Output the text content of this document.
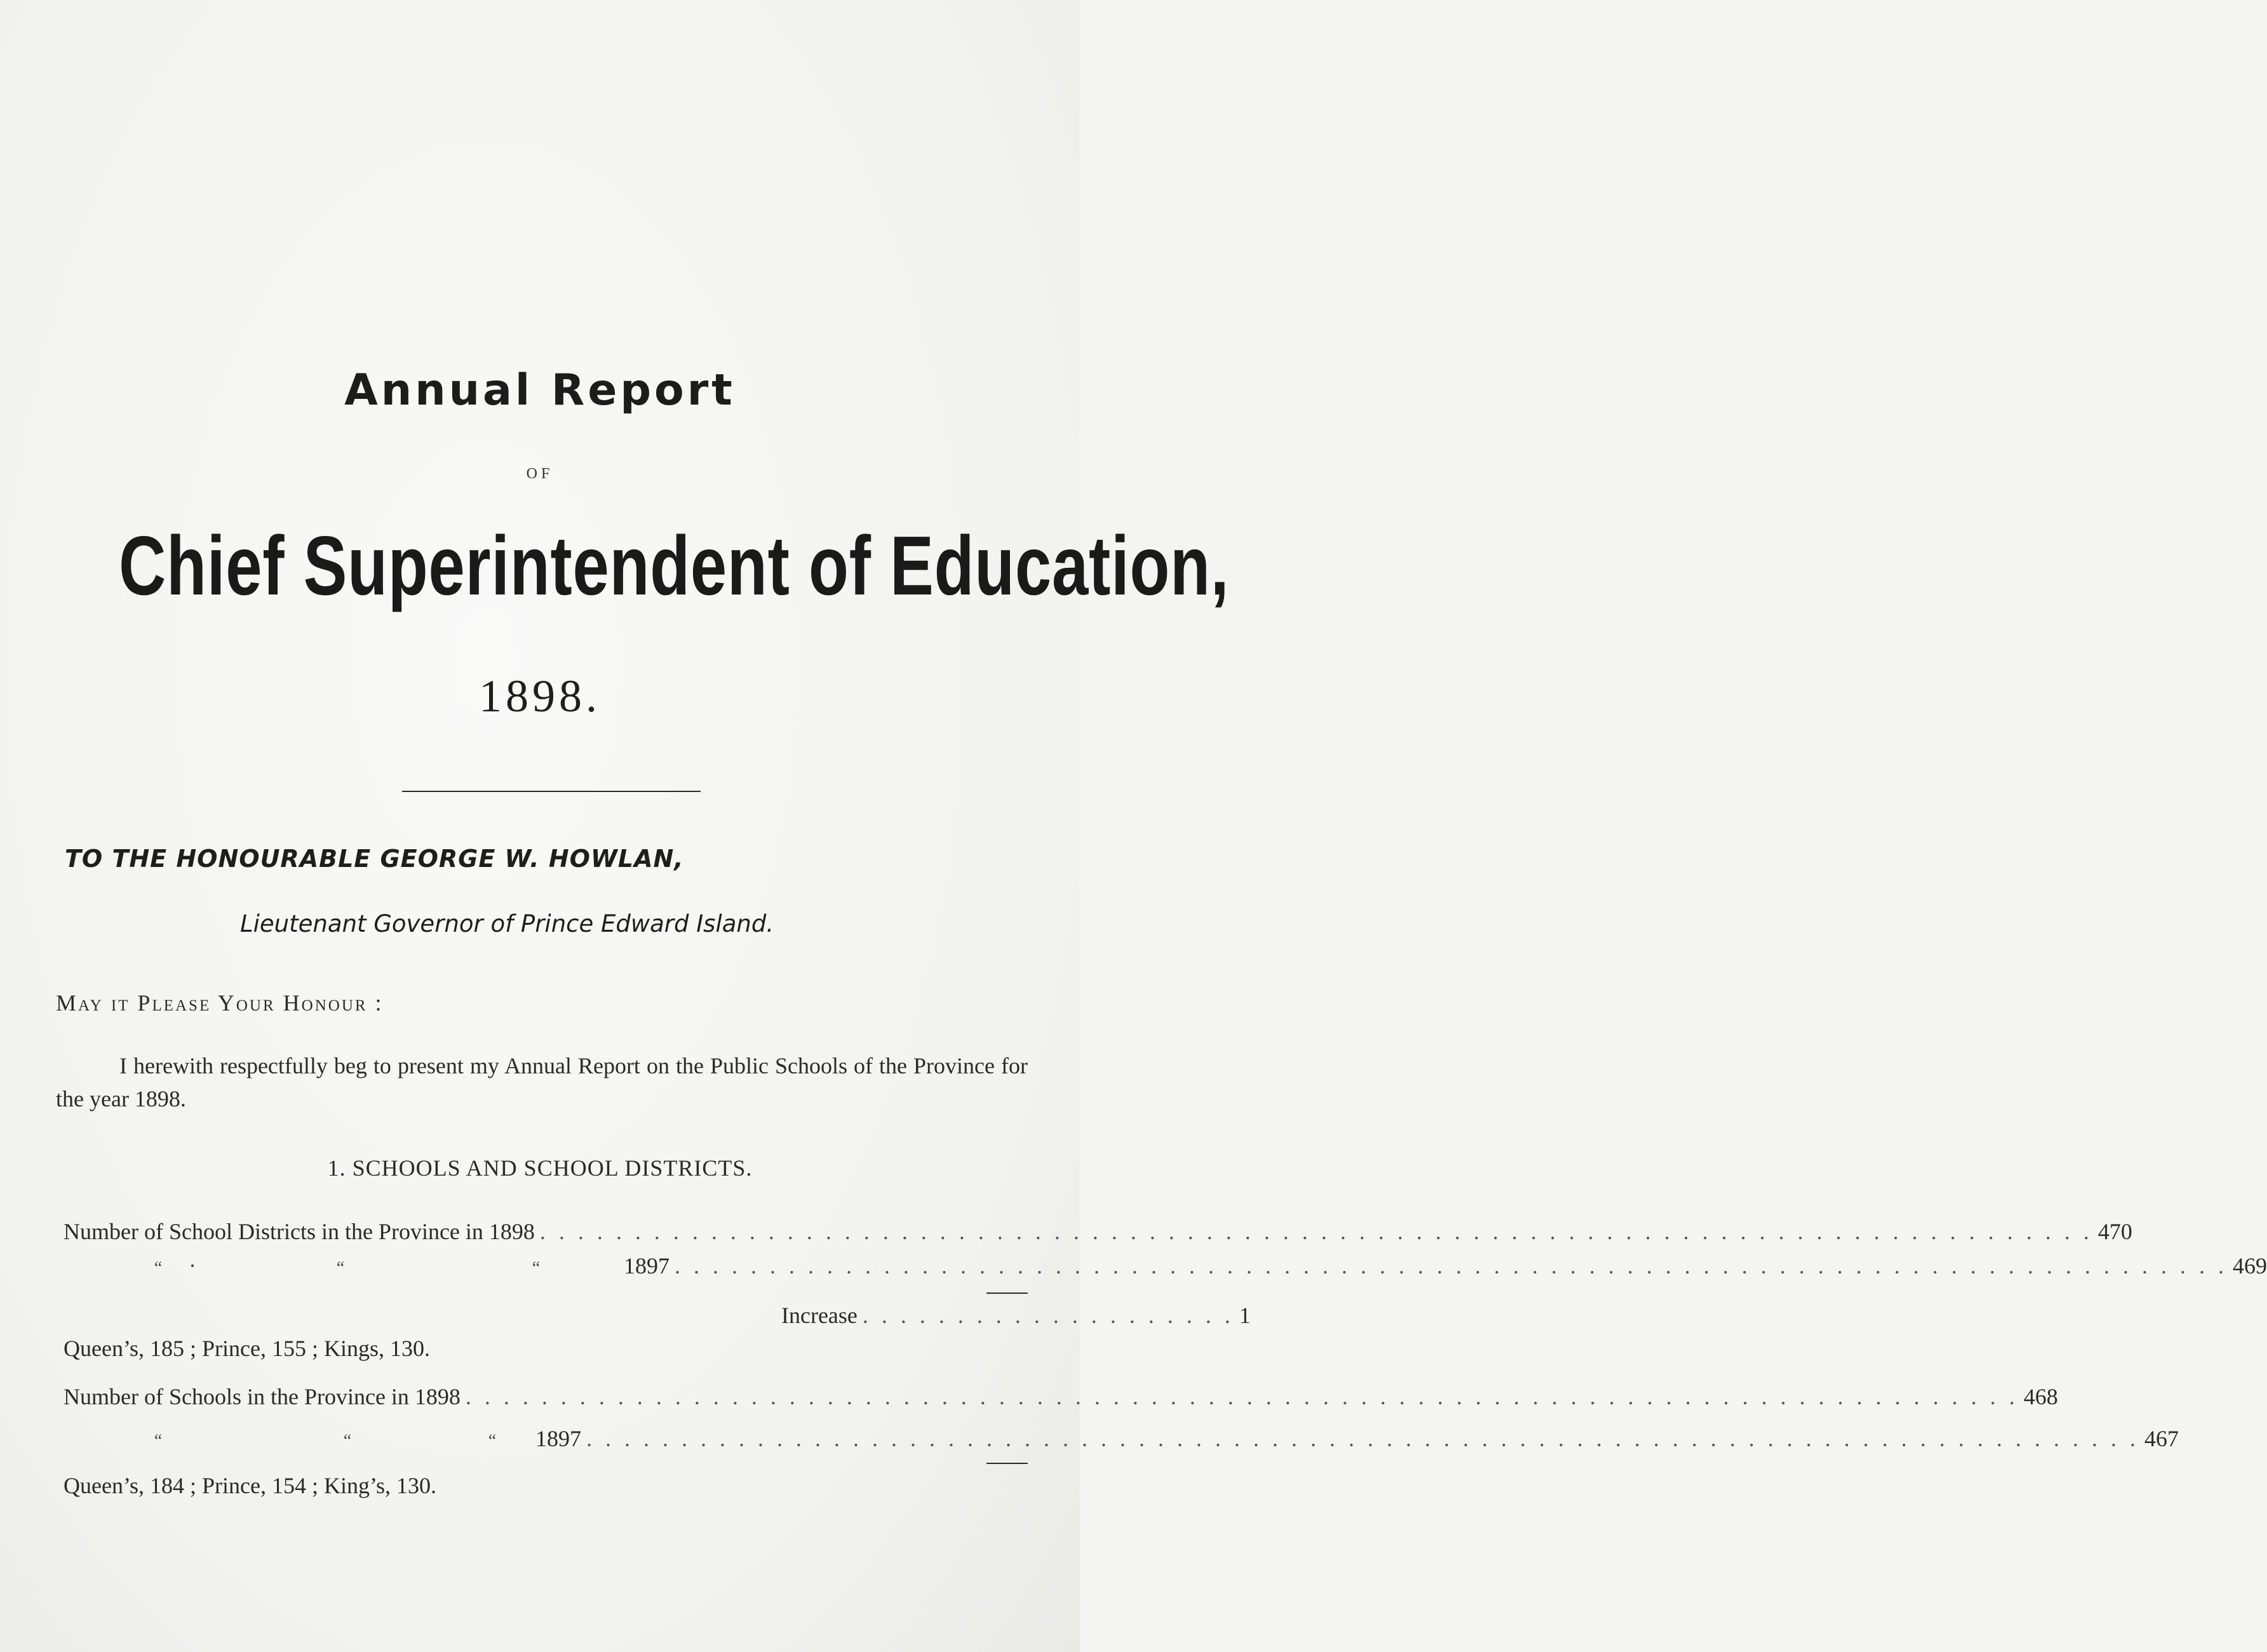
Annual Report
OF
Chief Superintendent of Education,
1898.
TO THE HONOURABLE GEORGE W. HOWLAN,
Lieutenant Governor of Prince Edward Island.
May it Please Your Honour :
I herewith respectfully beg to present my Annual Report on the Public Schools of the Province for the year 1898.
1. SCHOOLS AND SCHOOL DISTRICTS.
Number of School Districts in the Province in 1898 . . .	470
“ ·	“	“	1897 . . .	469
Increase . . .	1
Queen’s, 185 ; Prince, 155 ; Kings, 130.
Number of Schools in the Province in 1898 . . .	468
“	“	“ 1897 . . .	467
Queen’s, 184 ; Prince, 154 ; King’s, 130.
